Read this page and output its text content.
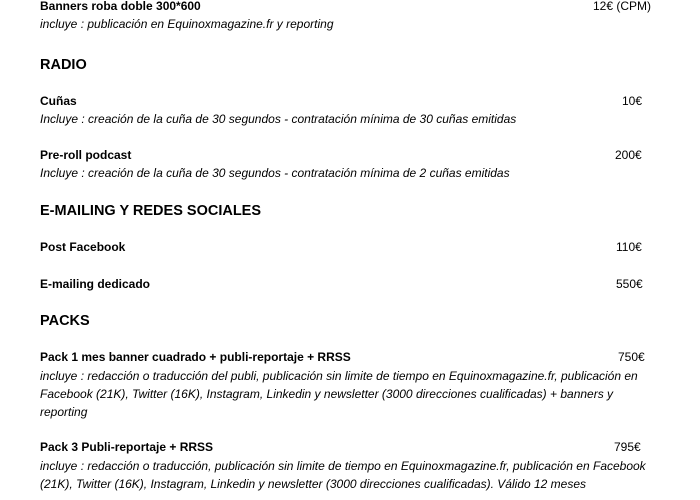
Banners roba doble 300*600	12€ (CPM)
incluye : publicación en Equinoxmagazine.fr y reporting
RADIO
Cuñas	10€
Incluye : creación de la cuña de 30 segundos - contratación mínima de 30 cuñas emitidas
Pre-roll podcast	200€
Incluye : creación de la cuña de 30 segundos - contratación mínima de 2 cuñas emitidas
E-MAILING Y REDES SOCIALES
Post Facebook	110€
E-mailing dedicado	550€
PACKS
Pack 1 mes banner cuadrado + publi-reportaje + RRSS	750€
incluye : redacción o traducción del publi, publicación sin limite de tiempo en Equinoxmagazine.fr, publicación en Facebook (21K), Twitter (16K), Instagram, Linkedin y newsletter (3000 direcciones cualificadas) + banners y reporting
Pack 3 Publi-reportaje + RRSS	795€
incluye : redacción o traducción, publicación sin limite de tiempo en Equinoxmagazine.fr, publicación en Facebook (21K), Twitter (16K), Instagram, Linkedin y newsletter (3000 direcciones cualificadas). Válido 12 meses
